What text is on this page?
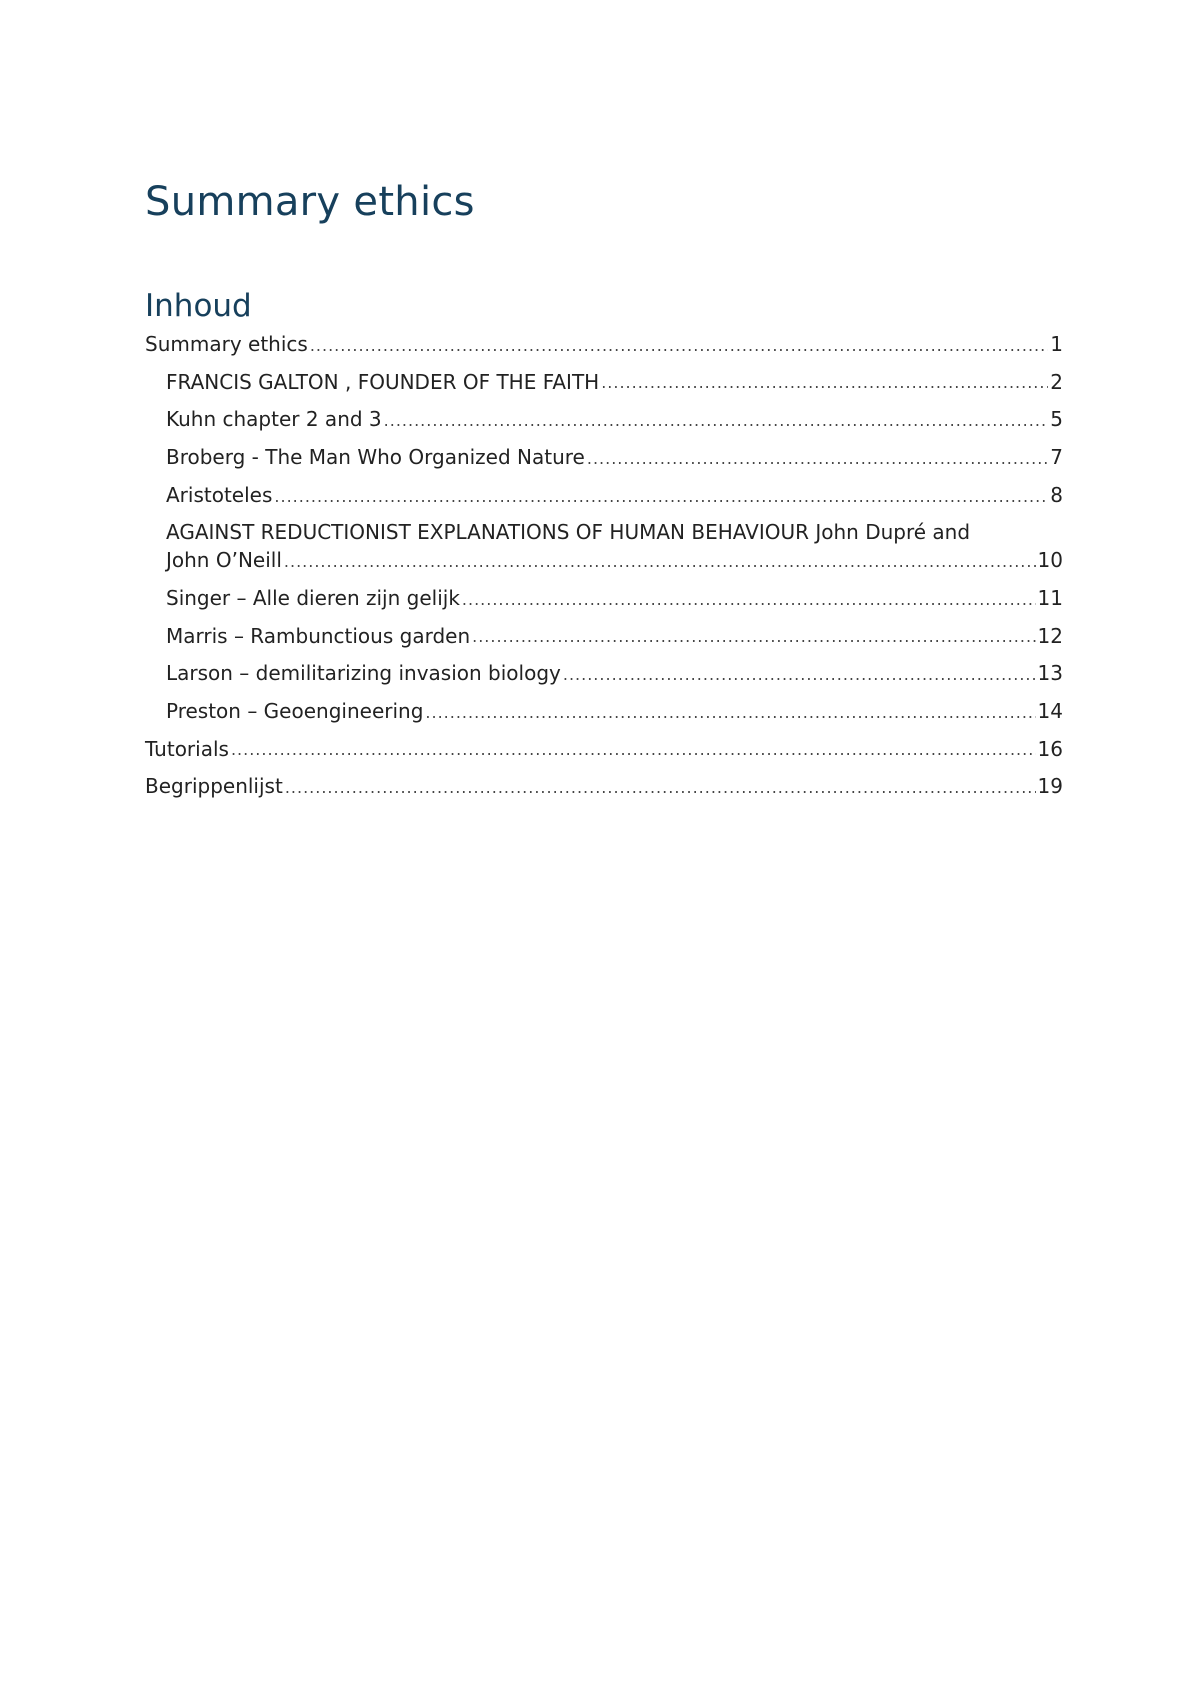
Summary ethics
Inhoud
Summary ethics .....	1
FRANCIS GALTON , FOUNDER OF THE FAITH .....	2
Kuhn chapter 2 and 3 .....	5
Broberg - The Man Who Organized Nature .....	7
Aristoteles .....	8
AGAINST REDUCTIONIST EXPLANATIONS OF HUMAN BEHAVIOUR John Dupré and
John O’Neill .....	10
Singer – Alle dieren zijn gelijk .....	11
Marris – Rambunctious garden .....	12
Larson – demilitarizing invasion biology .....	13
Preston – Geoengineering .....	14
Tutorials .....	16
Begrippenlijst .....	19
